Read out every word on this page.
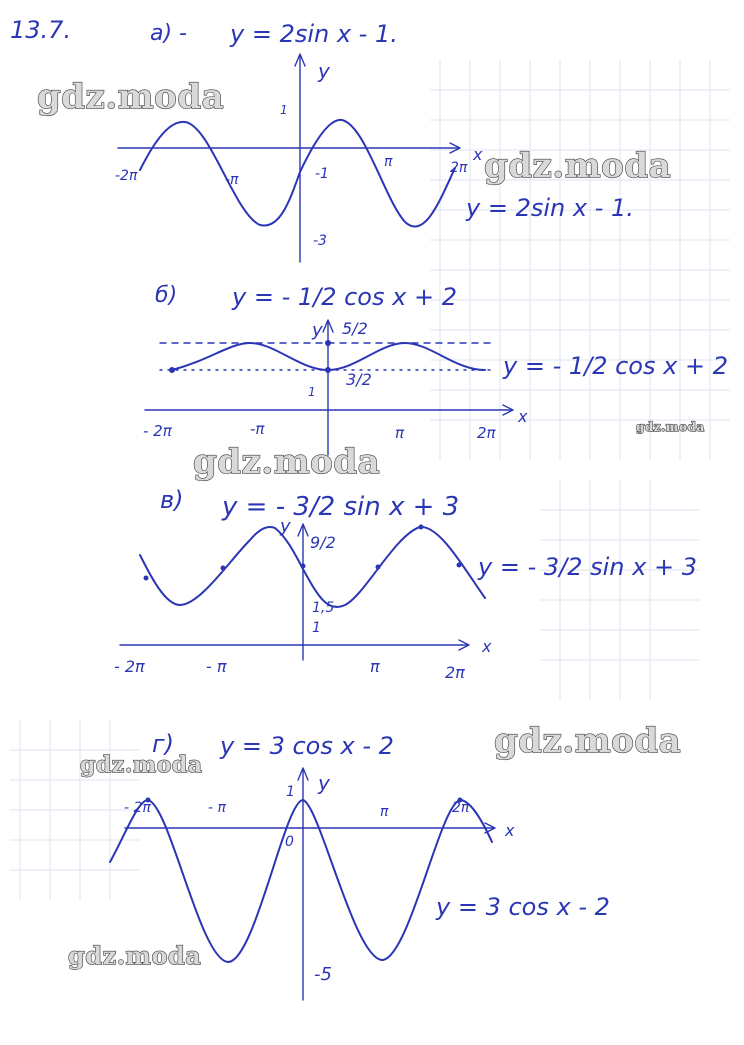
13.7.	а) - y = 2sin x - 1.
y
x
-2π	-π
π	2π
1
-1
-3
y = 2sin x - 1.
б) y = - 1/2 cos x + 2
y
x
5/2
3/2
1
- 2π	-π	π	2π
y = - 1/2 cos x + 2
в) y = - 3/2 sin x + 3
y
x
9/2
1,5
1
- 2π	- π	π	2π
y = - 3/2 sin x + 3
г) y = 3 cos x - 2
y
x
1
0
-5
- 2π	- π	π	2π
y = 3 cos x - 2
gdz.moda
gdz.moda
gdz.moda
gdz.moda
gdz.moda
gdz.moda
gdz.moda
